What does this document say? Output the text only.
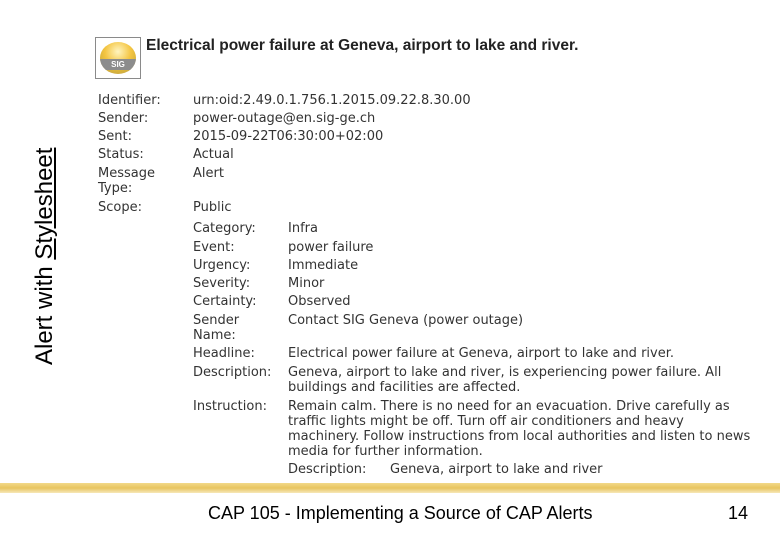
Alert with Stylesheet
SIG
Electrical power failure at Geneva, airport to lake and river.
Identifier:	urn:oid:2.49.0.1.756.1.2015.09.22.8.30.00
Sender:	power-outage@en.sig-ge.ch
Sent:	2015-09-22T06:30:00+02:00
Status:	Actual
Message Type:
Alert
Scope:	Public
Category:	Infra
Event:	power failure
Urgency:	Immediate
Severity:	Minor
Certainty:	Observed
Sender Name:
Contact SIG Geneva (power outage)
Headline:	Electrical power failure at Geneva, airport to lake and river.
Description:	Geneva, airport to lake and river, is experiencing power failure. All buildings and facilities are affected.
Instruction:	Remain calm. There is no need for an evacuation. Drive carefully as traffic lights might be off. Turn off air conditioners and heavy machinery. Follow instructions from local authorities and listen to news media for further information.
Description: Geneva, airport to lake and river
CAP 105 - Implementing a Source of CAP Alerts	14
